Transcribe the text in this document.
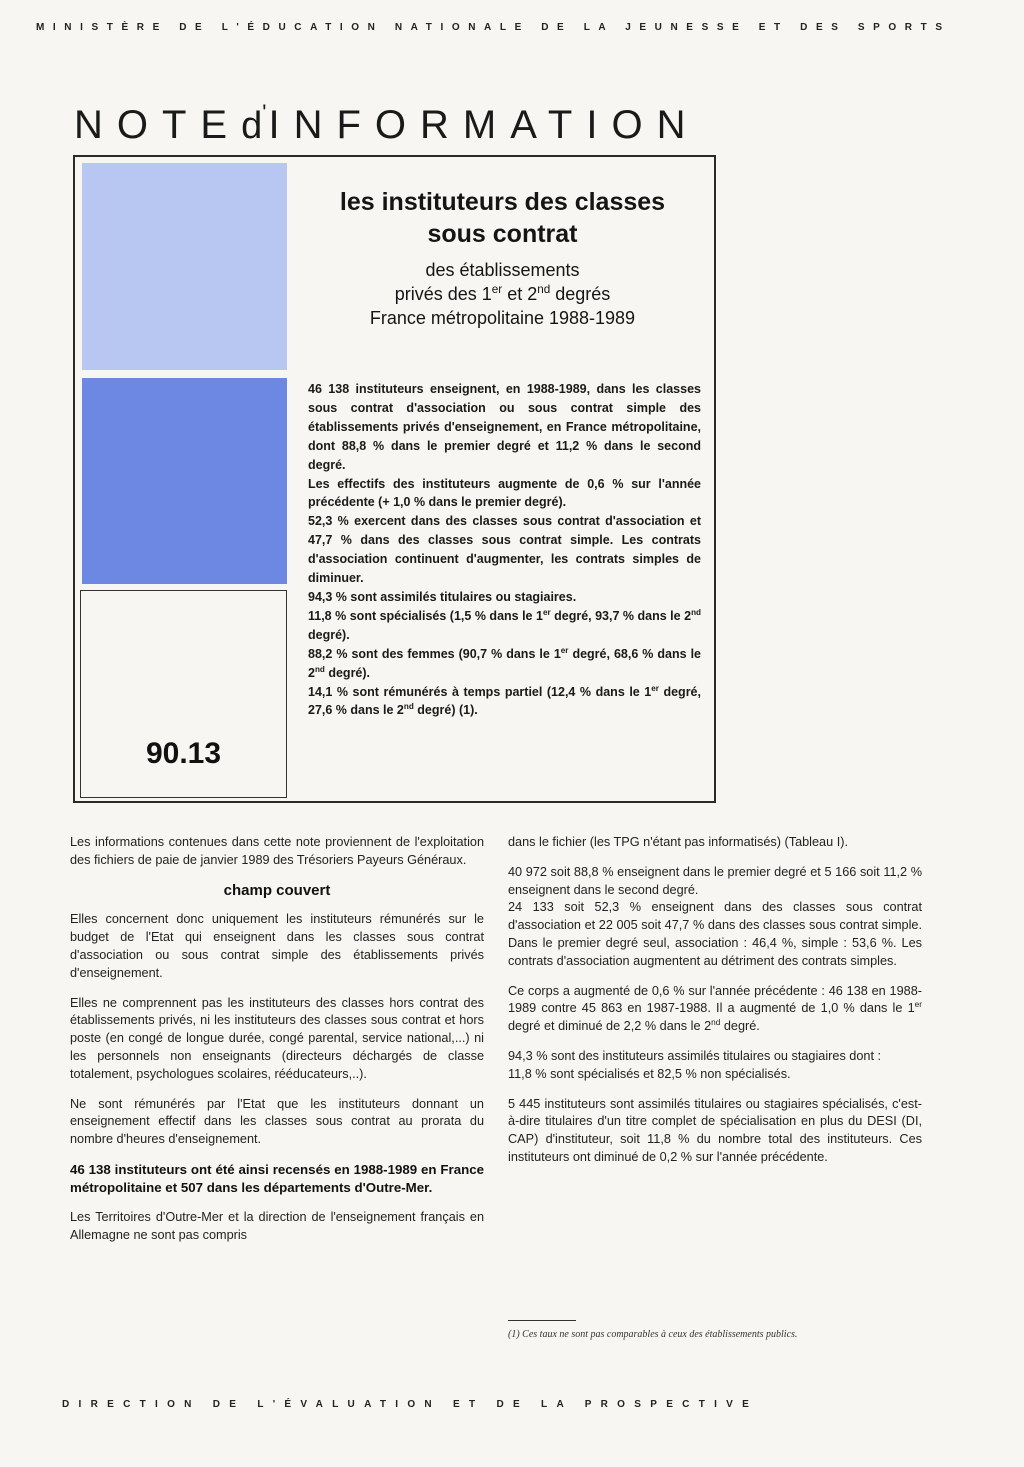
MINISTÈRE DE L'ÉDUCATION NATIONALE DE LA JEUNESSE ET DES SPORTS
NOTEd'INFORMATION
90.13
les instituteurs des classes
sous contrat
des établissements
privés des 1er et 2nd degrés
France métropolitaine 1988-1989

46 138 instituteurs enseignent, en 1988-1989, dans les classes sous contrat d'association ou sous contrat simple des établissements privés d'enseignement, en France métropolitaine, dont 88,8 % dans le premier degré et 11,2 % dans le second degré.

Les effectifs des instituteurs augmente de 0,6 % sur l'année précédente (+ 1,0 % dans le premier degré).

52,3 % exercent dans des classes sous contrat d'association et 47,7 % dans des classes sous contrat simple. Les contrats d'association continuent d'augmenter, les contrats simples de diminuer.

94,3 % sont assimilés titulaires ou stagiaires.

11,8 % sont spécialisés (1,5 % dans le 1er degré, 93,7 % dans le 2nd degré).

88,2 % sont des femmes (90,7 % dans le 1er degré, 68,6 % dans le 2nd degré).

14,1 % sont rémunérés à temps partiel (12,4 % dans le 1er degré, 27,6 % dans le 2nd degré) (1).

Les informations contenues dans cette note proviennent de l'exploitation des fichiers de paie de janvier 1989 des Trésoriers Payeurs Généraux.

champ couvert

Elles concernent donc uniquement les instituteurs rémunérés sur le budget de l'Etat qui enseignent dans les classes sous contrat d'association ou sous contrat simple des établissements privés d'enseignement.

Elles ne comprennent pas les instituteurs des classes hors contrat des établissements privés, ni les instituteurs des classes sous contrat et hors poste (en congé de longue durée, congé parental, service national,...) ni les personnels non enseignants (directeurs déchargés de classe totalement, psychologues scolaires, rééducateurs,..).

Ne sont rémunérés par l'Etat que les instituteurs donnant un enseignement effectif dans les classes sous contrat au prorata du nombre d'heures d'enseignement.

46 138 instituteurs ont été ainsi recensés en 1988-1989 en France métropolitaine et 507 dans les départements d'Outre-Mer.

Les Territoires d'Outre-Mer et la direction de l'enseignement français en Allemagne ne sont pas compris

dans le fichier (les TPG n'étant pas informatisés) (Tableau I).

40 972 soit 88,8 % enseignent dans le premier degré et 5 166 soit 11,2 % enseignent dans le second degré.

24 133 soit 52,3 % enseignent dans des classes sous contrat d'association et 22 005 soit 47,7 % dans des classes sous contrat simple. Dans le premier degré seul, association : 46,4 %, simple : 53,6 %. Les contrats d'association augmentent au détriment des contrats simples.

Ce corps a augmenté de 0,6 % sur l'année précédente : 46 138 en 1988-1989 contre 45 863 en 1987-1988. Il a augmenté de 1,0 % dans le 1er degré et diminué de 2,2 % dans le 2nd degré.

94,3 % sont des instituteurs assimilés titulaires ou stagiaires dont :

11,8 % sont spécialisés et 82,5 % non spécialisés.

5 445 instituteurs sont assimilés titulaires ou stagiaires spécialisés, c'est-à-dire titulaires d'un titre complet de spécialisation en plus du DESI (DI, CAP) d'instituteur, soit 11,8 % du nombre total des instituteurs. Ces instituteurs ont diminué de 0,2 % sur l'année précédente.

(1) Ces taux ne sont pas comparables à ceux des établissements publics.
DIRECTION DE L'ÉVALUATION ET DE LA PROSPECTIVE
